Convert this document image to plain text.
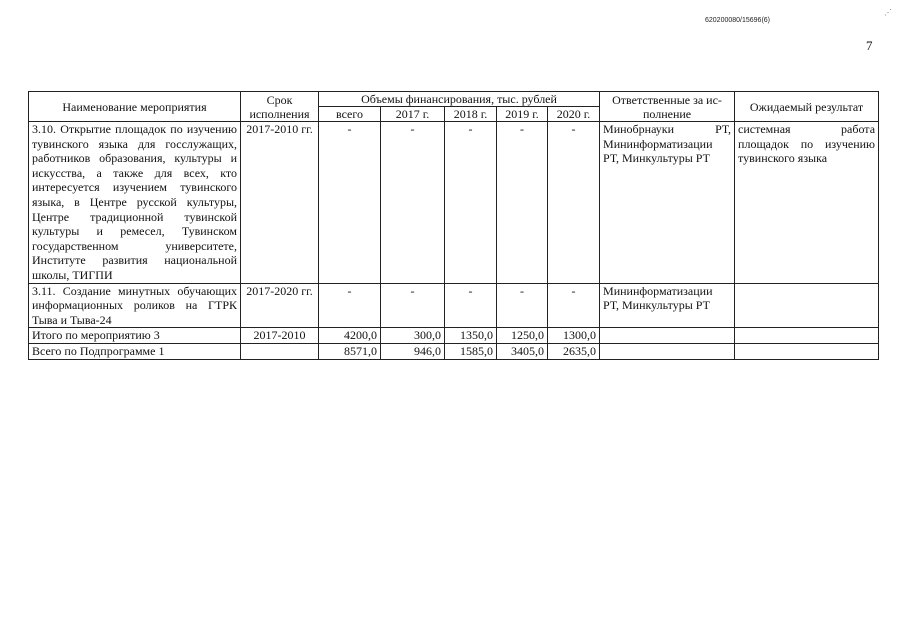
620200080/15696(6)
⋰
7
Наименование мероприятия	Срок исполнения	Объемы финансирования, тыс. рублей					Ответственные за ис-полнение	Ожидаемый результат
		всего	2017 г.	2018 г.	2019 г.	2020 г.		
3.10. Открытие площадок по изучению тувинского языка для госслужащих, работников образования, культуры и искусства, а также для всех, кто интересуется изучением тувинского языка, в Центре русской культуры, Центре традиционной тувинской культуры и ремесел, Тувинском государственном университете, Институте развития национальной школы, ТИГПИ	2017-2010 гг.	-	-	-	-	-	Минобрнауки РТ, Мининформатизации РТ, Минкультуры РТ	системная работа площадок по изучению тувинского языка
3.11. Создание минутных обучающих информационных роликов на ГТРК Тыва и Тыва-24	2017-2020 гг.	-	-	-	-	-	Мининформатизации РТ, Минкультуры РТ	
Итого по мероприятию 3	2017-2010	4200,0	300,0	1350,0	1250,0	1300,0		
Всего по Подпрограмме 1		8571,0	946,0	1585,0	3405,0	2635,0		
